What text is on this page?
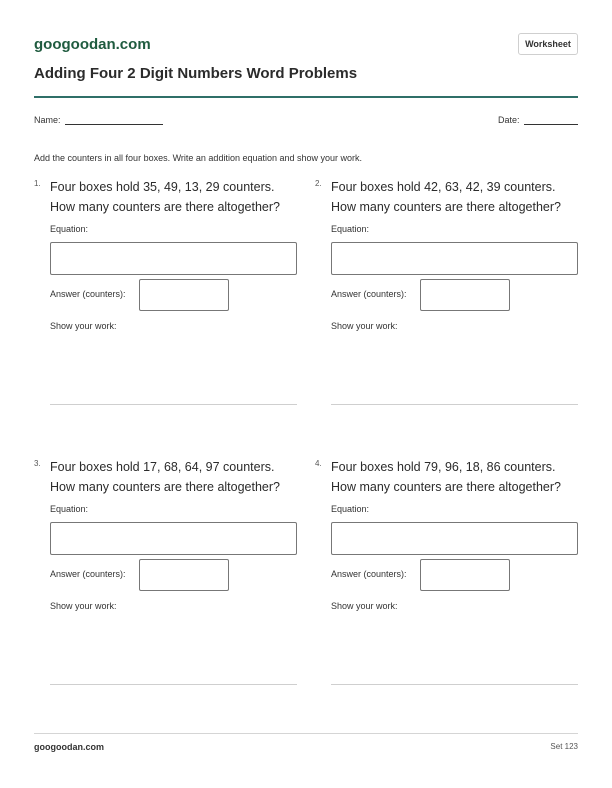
googoodan.com	Worksheet
Adding Four 2 Digit Numbers Word Problems
Name:	Date:
Add the counters in all four boxes. Write an addition equation and show your work.
1. Four boxes hold 35, 49, 13, 29 counters.
How many counters are there altogether?
Equation:
Answer (counters):
Show your work:
2. Four boxes hold 42, 63, 42, 39 counters.
How many counters are there altogether?
Equation:
Answer (counters):
Show your work:
3. Four boxes hold 17, 68, 64, 97 counters.
How many counters are there altogether?
Equation:
Answer (counters):
Show your work:
4. Four boxes hold 79, 96, 18, 86 counters.
How many counters are there altogether?
Equation:
Answer (counters):
Show your work:
googoodan.com	Set 123
